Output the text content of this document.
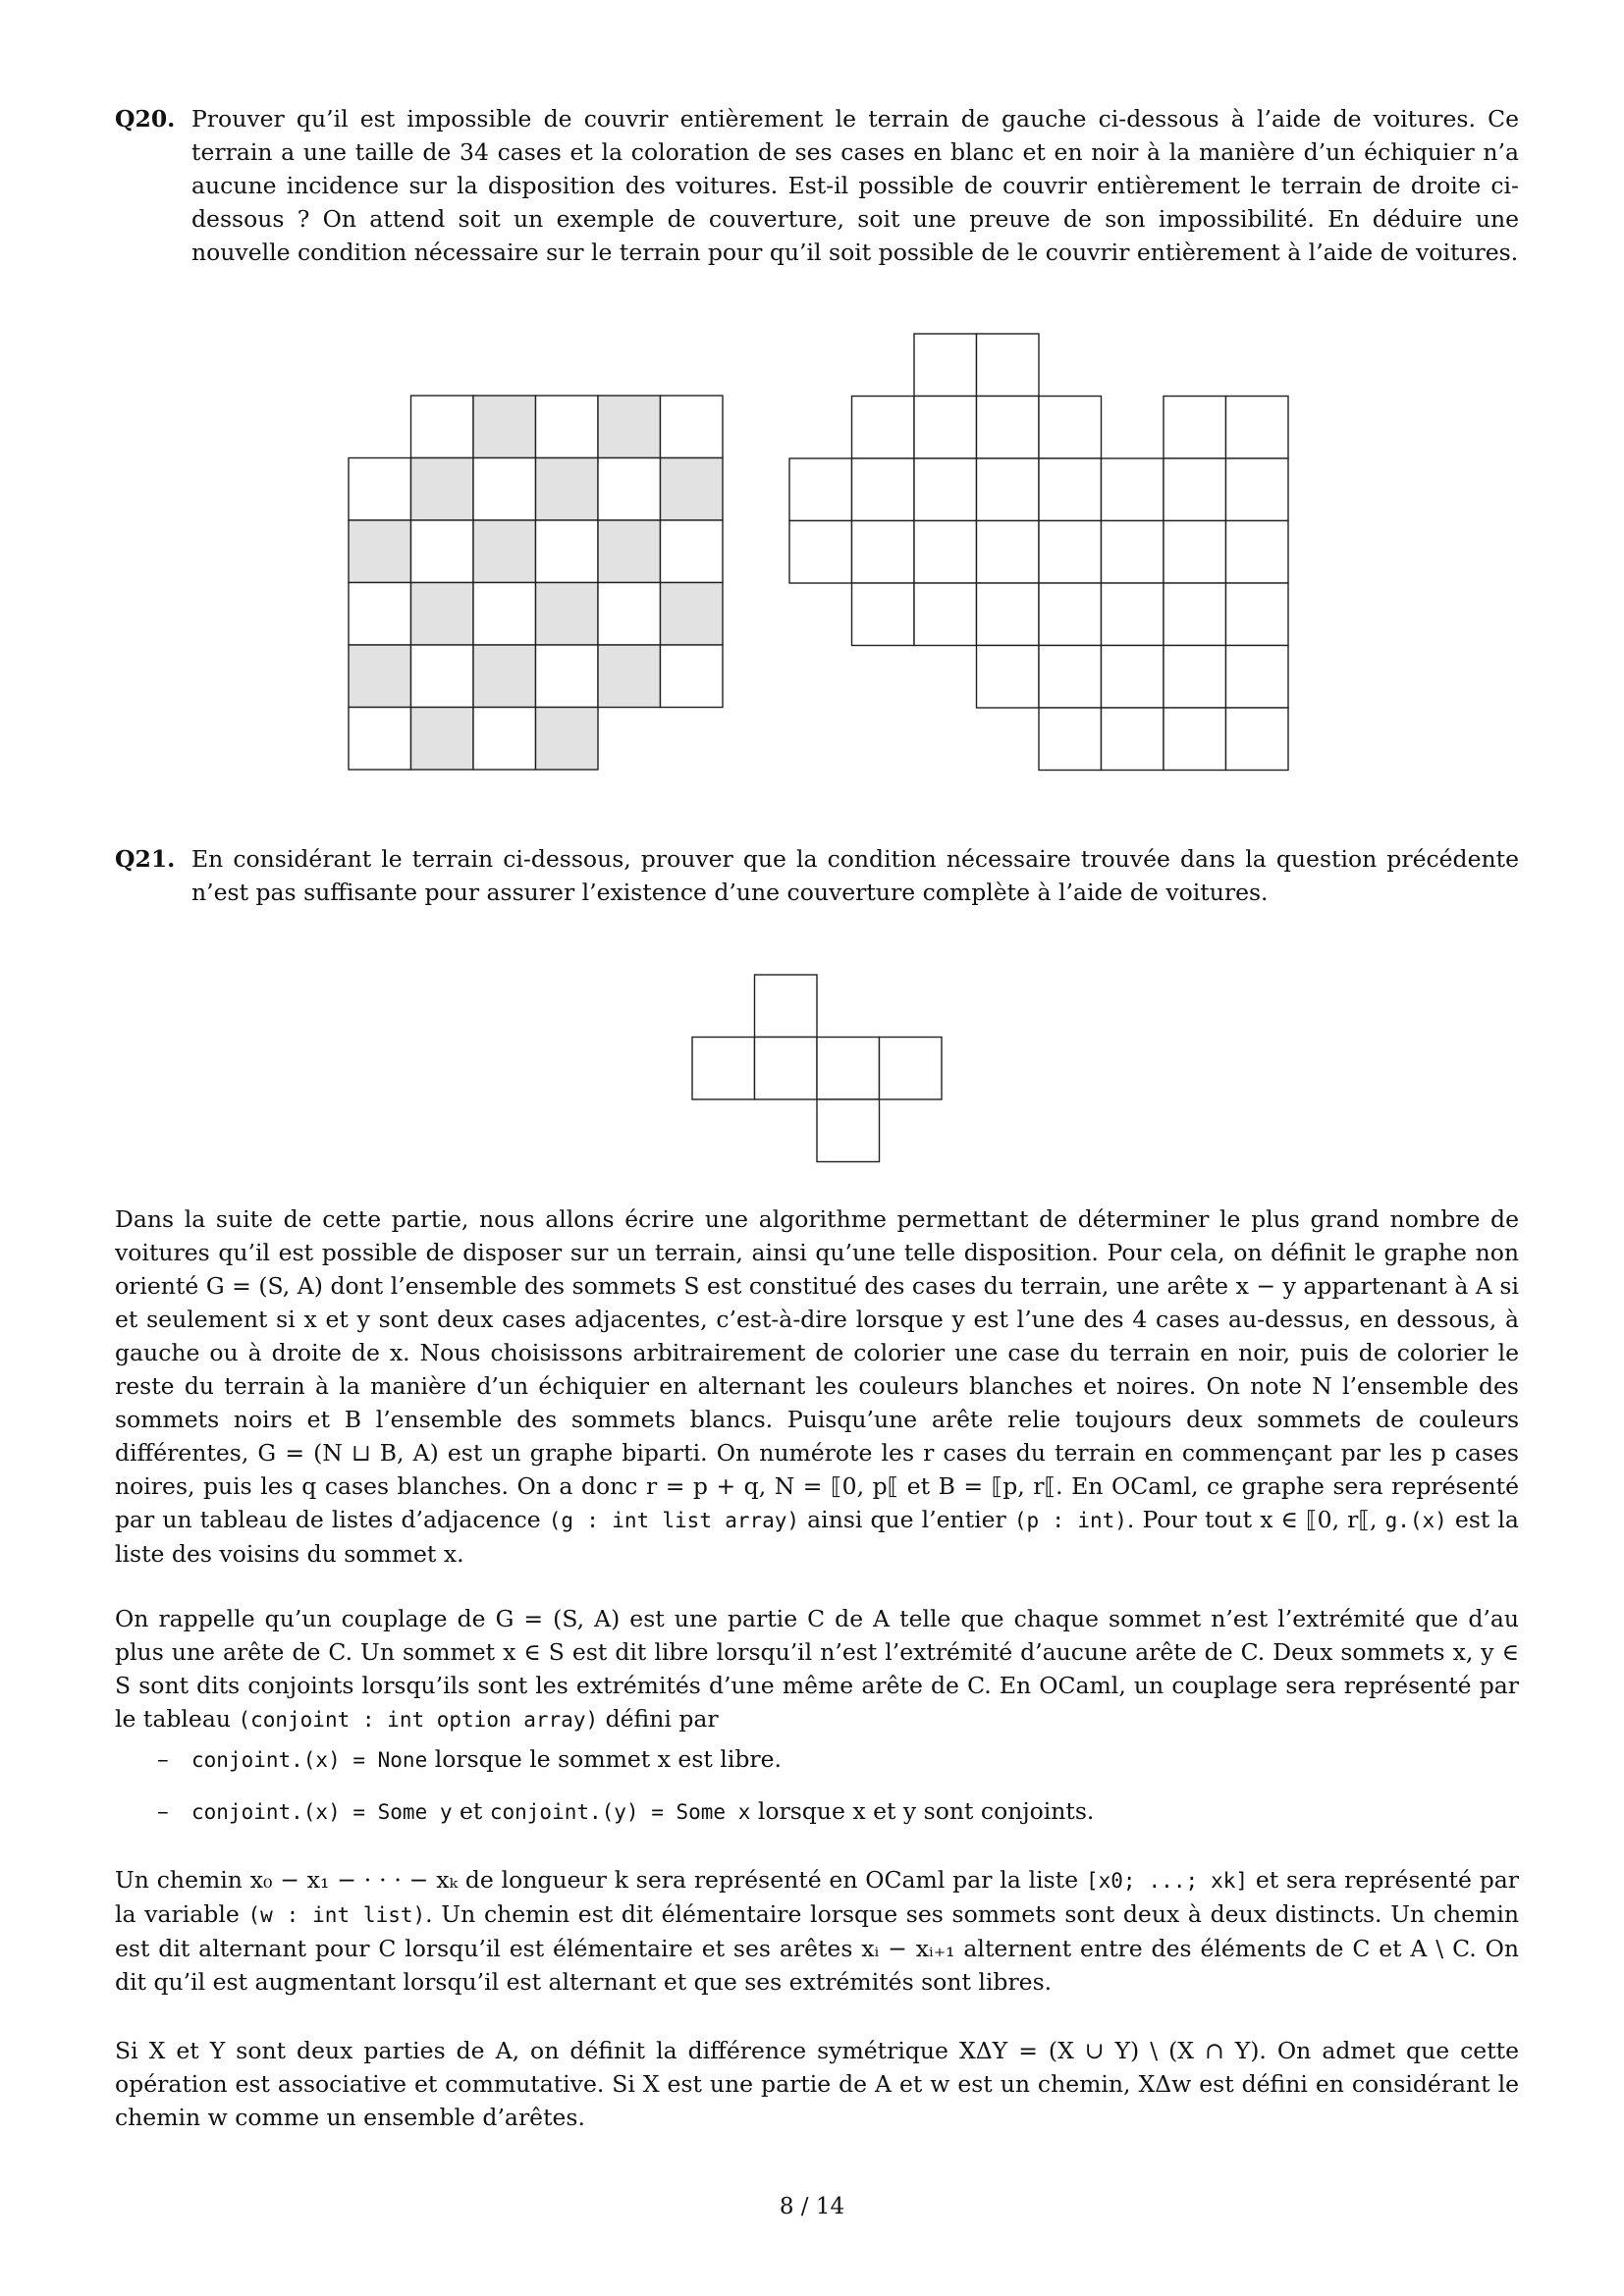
Q20. Prouver qu’il est impossible de couvrir entièrement le terrain de gauche ci-dessous à l’aide de voitures. Ce terrain a une taille de 34 cases et la coloration de ses cases en blanc et en noir à la manière d’un échiquier n’a aucune incidence sur la disposition des voitures. Est-il possible de couvrir entièrement le terrain de droite ci-dessous ? On attend soit un exemple de couverture, soit une preuve de son impossibilité. En déduire une nouvelle condition nécessaire sur le terrain pour qu’il soit possible de le couvrir entièrement à l’aide de voitures.
Q21. En considérant le terrain ci-dessous, prouver que la condition nécessaire trouvée dans la question précédente n’est pas suffisante pour assurer l’existence d’une couverture complète à l’aide de voitures.
Dans la suite de cette partie, nous allons écrire une algorithme permettant de déterminer le plus grand nombre de voitures qu’il est possible de disposer sur un terrain, ainsi qu’une telle disposition. Pour cela, on définit le graphe non orienté G = (S, A) dont l’ensemble des sommets S est constitué des cases du terrain, une arête x − y appartenant à A si et seulement si x et y sont deux cases adjacentes, c’est-à-dire lorsque y est l’une des 4 cases au-dessus, en dessous, à gauche ou à droite de x. Nous choisissons arbitrairement de colorier une case du terrain en noir, puis de colorier le reste du terrain à la manière d’un échiquier en alternant les couleurs blanches et noires. On note N l’ensemble des sommets noirs et B l’ensemble des sommets blancs. Puisqu’une arête relie toujours deux sommets de couleurs différentes, G = (N ⊔ B, A) est un graphe biparti. On numérote les r cases du terrain en commençant par les p cases noires, puis les q cases blanches. On a donc r = p + q, N = ⟦0, p⟦ et B = ⟦p, r⟦. En OCaml, ce graphe sera représenté par un tableau de listes d’adjacence (g : int list array) ainsi que l’entier (p : int). Pour tout x ∈ ⟦0, r⟦, g.(x) est la liste des voisins du sommet x.
On rappelle qu’un couplage de G = (S, A) est une partie C de A telle que chaque sommet n’est l’extrémité que d’au plus une arête de C. Un sommet x ∈ S est dit libre lorsqu’il n’est l’extrémité d’aucune arête de C. Deux sommets x, y ∈ S sont dits conjoints lorsqu’ils sont les extrémités d’une même arête de C. En OCaml, un couplage sera représenté par le tableau (conjoint : int option array) défini par
– conjoint.(x) = None lorsque le sommet x est libre.
– conjoint.(x) = Some y et conjoint.(y) = Some x lorsque x et y sont conjoints.
Un chemin x₀ − x₁ − · · · − xₖ de longueur k sera représenté en OCaml par la liste [x0; ...; xk] et sera représenté par la variable (w : int list). Un chemin est dit élémentaire lorsque ses sommets sont deux à deux distincts. Un chemin est dit alternant pour C lorsqu’il est élémentaire et ses arêtes xᵢ − xᵢ₊₁ alternent entre des éléments de C et A \ C. On dit qu’il est augmentant lorsqu’il est alternant et que ses extrémités sont libres.
Si X et Y sont deux parties de A, on définit la différence symétrique XΔY = (X ∪ Y) \ (X ∩ Y). On admet que cette opération est associative et commutative. Si X est une partie de A et w est un chemin, XΔw est défini en considérant le chemin w comme un ensemble d’arêtes.
8 / 14
